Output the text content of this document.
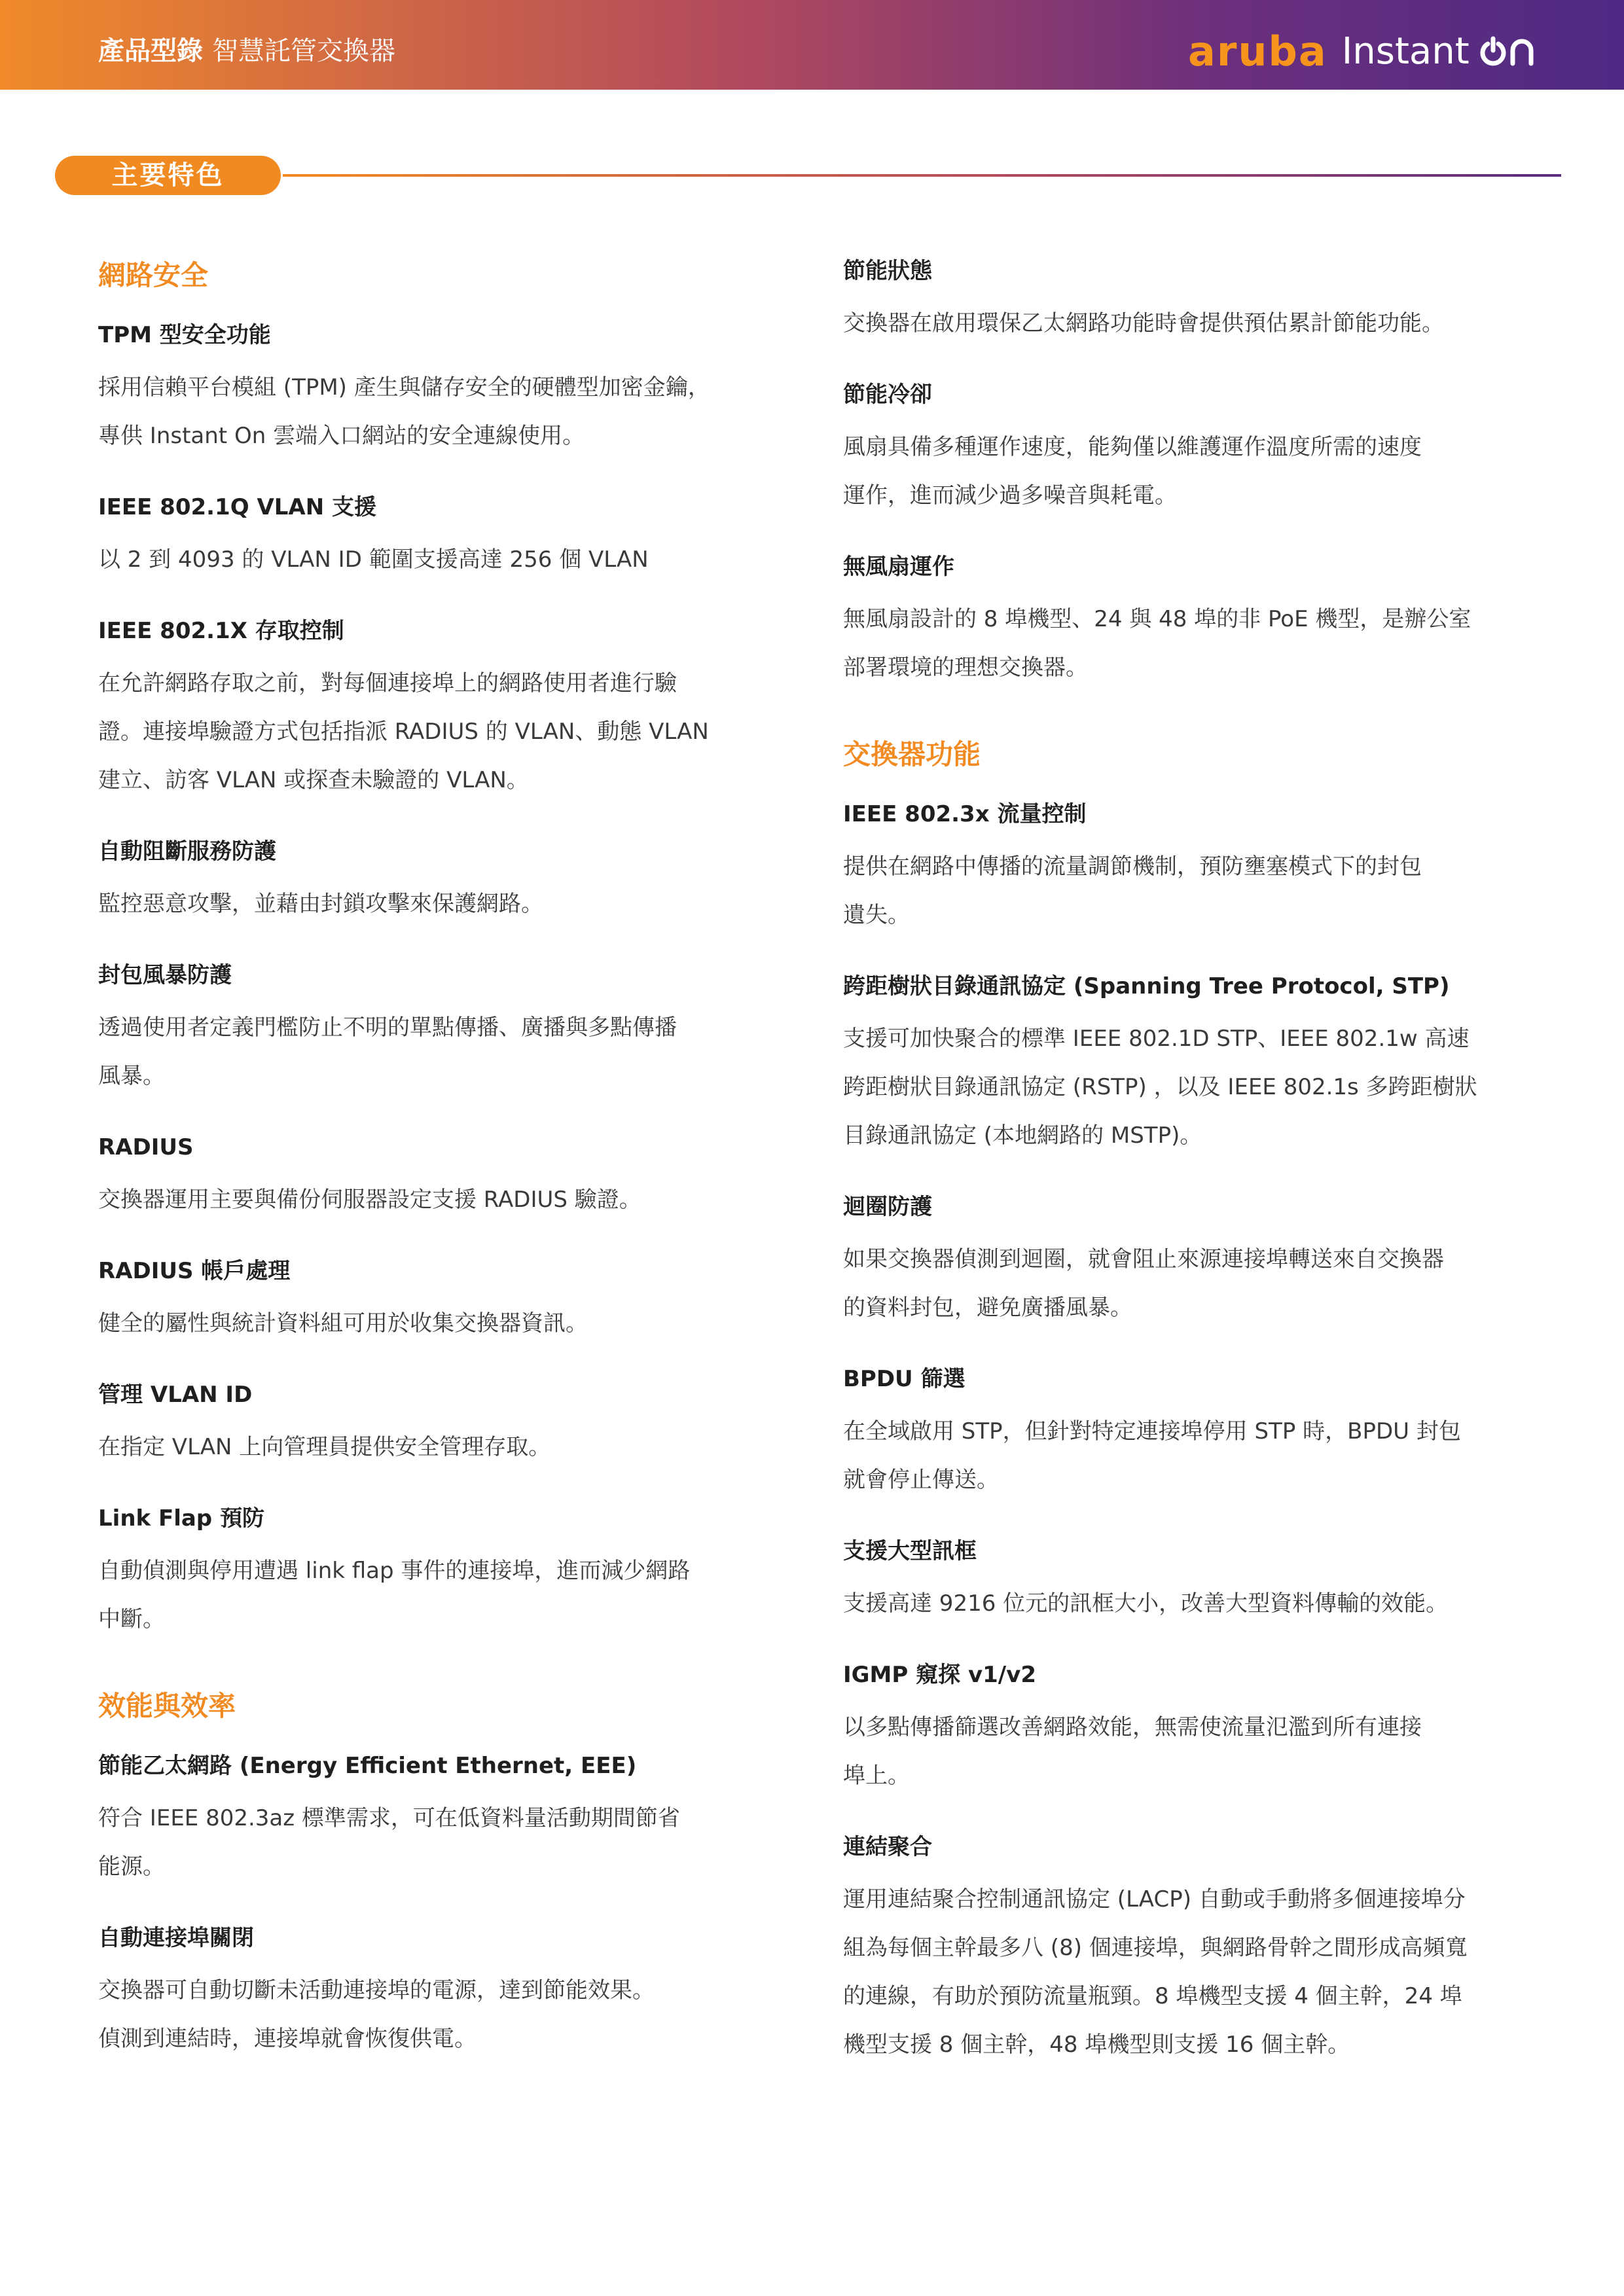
產品型錄 智慧託管交換器	aruba Instant
主要特色
網路安全
TPM 型安全功能

採用信賴平台模組 (TPM) 產生與儲存安全的硬體型加密金鑰，
專供 Instant On 雲端入口網站的安全連線使用。

IEEE 802.1Q VLAN 支援

以 2 到 4093 的 VLAN ID 範圍支援高達 256 個 VLAN

IEEE 802.1X 存取控制

在允許網路存取之前，對每個連接埠上的網路使用者進行驗
證。連接埠驗證方式包括指派 RADIUS 的 VLAN、動態 VLAN
建立、訪客 VLAN 或探查未驗證的 VLAN。

自動阻斷服務防護

監控惡意攻擊，並藉由封鎖攻擊來保護網路。

封包風暴防護

透過使用者定義門檻防止不明的單點傳播、廣播與多點傳播
風暴。

RADIUS

交換器運用主要與備份伺服器設定支援 RADIUS 驗證。

RADIUS 帳戶處理

健全的屬性與統計資料組可用於收集交換器資訊。

管理 VLAN ID

在指定 VLAN 上向管理員提供安全管理存取。

Link Flap 預防

自動偵測與停用遭遇 link flap 事件的連接埠，進而減少網路
中斷。

效能與效率
節能乙太網路 (Energy Efficient Ethernet, EEE)

符合 IEEE 802.3az 標準需求，可在低資料量活動期間節省
能源。

自動連接埠關閉

交換器可自動切斷未活動連接埠的電源，達到節能效果。
偵測到連結時，連接埠就會恢復供電。

節能狀態

交換器在啟用環保乙太網路功能時會提供預估累計節能功能。

節能冷卻

風扇具備多種運作速度，能夠僅以維護運作溫度所需的速度
運作，進而減少過多噪音與耗電。

無風扇運作

無風扇設計的 8 埠機型、24 與 48 埠的非 PoE 機型，是辦公室
部署環境的理想交換器。

交換器功能
IEEE 802.3x 流量控制

提供在網路中傳播的流量調節機制，預防壅塞模式下的封包
遺失。

跨距樹狀目錄通訊協定 (Spanning Tree Protocol, STP)

支援可加快聚合的標準 IEEE 802.1D STP、IEEE 802.1w 高速
跨距樹狀目錄通訊協定 (RSTP) ，以及 IEEE 802.1s 多跨距樹狀
目錄通訊協定 (本地網路的 MSTP)。

迴圈防護

如果交換器偵測到迴圈，就會阻止來源連接埠轉送來自交換器
的資料封包，避免廣播風暴。

BPDU 篩選

在全域啟用 STP，但針對特定連接埠停用 STP 時，BPDU 封包
就會停止傳送。

支援大型訊框

支援高達 9216 位元的訊框大小，改善大型資料傳輸的效能。

IGMP 窺探 v1/v2

以多點傳播篩選改善網路效能，無需使流量氾濫到所有連接
埠上。

連結聚合

運用連結聚合控制通訊協定 (LACP) 自動或手動將多個連接埠分
組為每個主幹最多八 (8) 個連接埠，與網路骨幹之間形成高頻寬
的連線，有助於預防流量瓶頸。8 埠機型支援 4 個主幹，24 埠
機型支援 8 個主幹，48 埠機型則支援 16 個主幹。
